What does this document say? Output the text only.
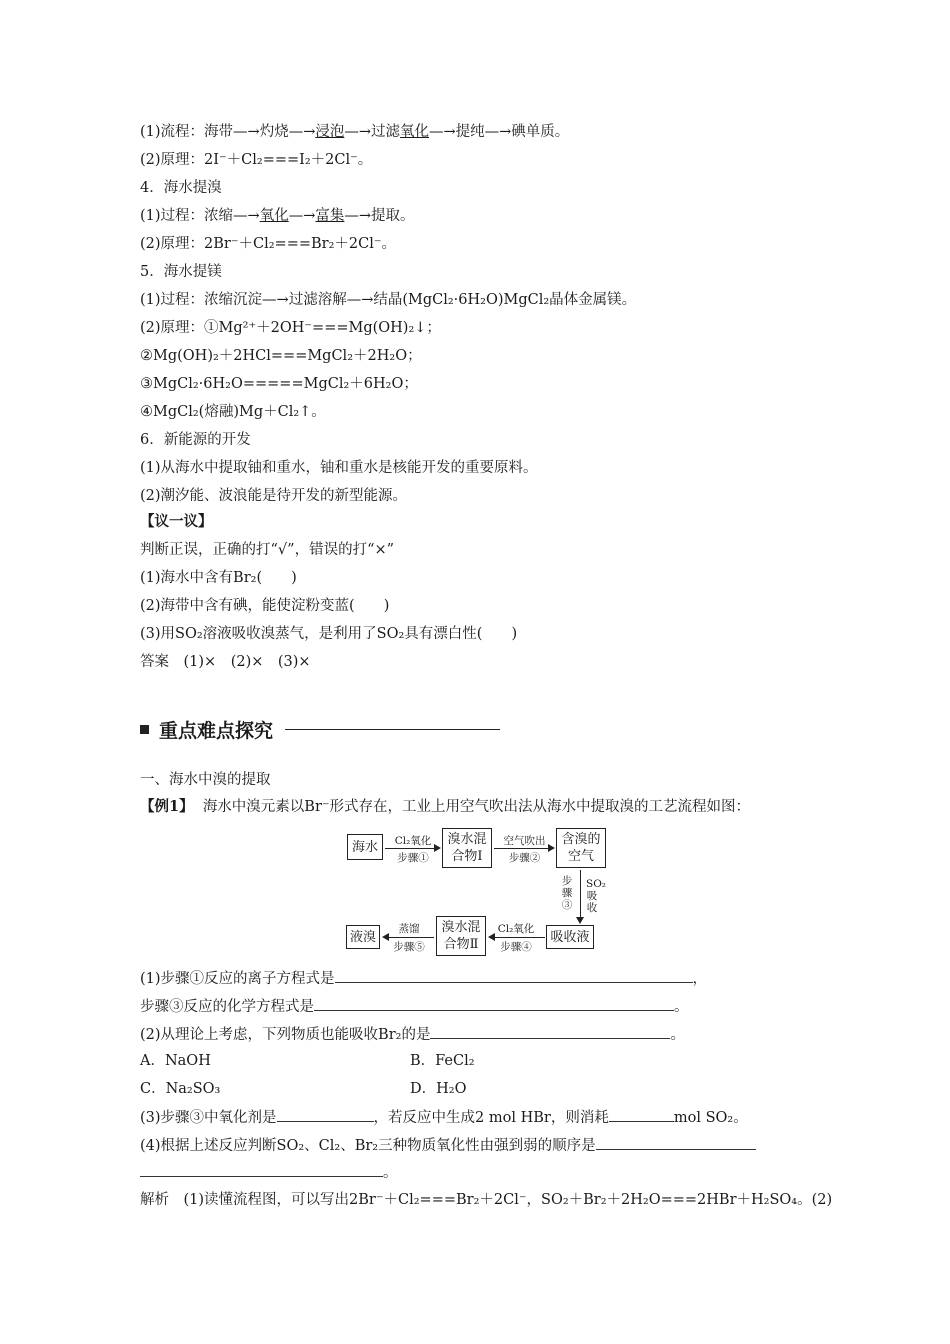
(1)流程：海带—→灼烧—→浸泡—→过滤氧化—→提纯—→碘单质。
(2)原理：2I⁻＋Cl₂===I₂＋2Cl⁻。
4．海水提溴
(1)过程：浓缩—→氧化—→富集—→提取。
(2)原理：2Br⁻＋Cl₂===Br₂＋2Cl⁻。
5．海水提镁
(1)过程：浓缩沉淀—→过滤溶解—→结晶(MgCl₂·6H₂O)MgCl₂晶体金属镁。
(2)原理：①Mg²⁺＋2OH⁻===Mg(OH)₂↓；
②Mg(OH)₂＋2HCl===MgCl₂＋2H₂O；
③MgCl₂·6H₂O=====MgCl₂＋6H₂O；
④MgCl₂(熔融)Mg＋Cl₂↑。
6．新能源的开发
(1)从海水中提取铀和重水，铀和重水是核能开发的重要原料。
(2)潮汐能、波浪能是待开发的新型能源。
【议一议】
判断正误，正确的打“√”，错误的打“×”
(1)海水中含有Br₂(　　)
(2)海带中含有碘，能使淀粉变蓝(　　)
(3)用SO₂溶液吸收溴蒸气，是利用了SO₂具有漂白性(　　)
答案　(1)×　(2)×　(3)×
重点难点探究
一、海水中溴的提取
【例1】 海水中溴元素以Br⁻形式存在，工业上用空气吹出法从海水中提取溴的工艺流程如图：
海水	溴水混
合物Ⅰ
含溴的
空气
吸收液
溴水混
合物Ⅱ
液溴
Cl₂氧化
步骤①
空气吹出
步骤②
步骤③
SO₂吸收
Cl₂氧化
步骤④
蒸馏
步骤⑤
(1)步骤①反应的离子方程式是	，
步骤③反应的化学方程式是	。
(2)从理论上考虑，下列物质也能吸收Br₂的是	。
A．NaOH	B．FeCl₂
C．Na₂SO₃	D．H₂O
(3)步骤③中氧化剂是	，若反应中生成2 mol HBr，则消耗	mol SO₂。
(4)根据上述反应判断SO₂、Cl₂、Br₂三种物质氧化性由强到弱的顺序是
。
解析　(1)读懂流程图，可以写出2Br⁻＋Cl₂===Br₂＋2Cl⁻，SO₂＋Br₂＋2H₂O===2HBr＋H₂SO₄。(2)
